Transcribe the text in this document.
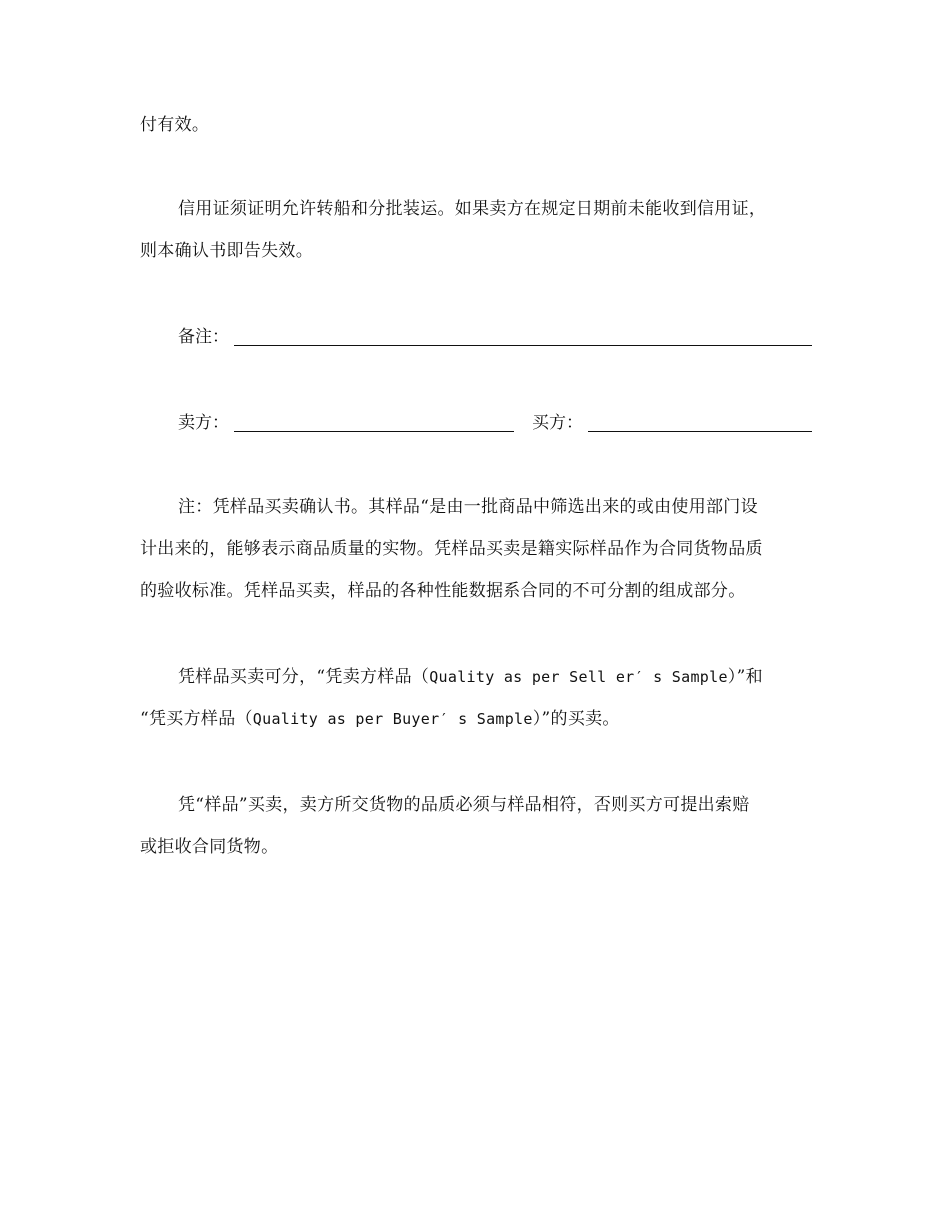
付有效。
信用证须证明允许转船和分批装运。如果卖方在规定日期前未能收到信用证，
则本确认书即告失效。
备注：
卖方：	买方：
注：凭样品买卖确认书。其样品“是由一批商品中筛选出来的或由使用部门设
计出来的，能够表示商品质量的实物。凭样品买卖是籍实际样品作为合同货物品质
的验收标准。凭样品买卖，样品的各种性能数据系合同的不可分割的组成部分。
凭样品买卖可分，“凭卖方样品（Quality as per Sell er′ s Sample）”和
“凭买方样品（Quality as per Buyer′ s Sample）”的买卖。
凭“样品”买卖，卖方所交货物的品质必须与样品相符，否则买方可提出索赔
或拒收合同货物。
